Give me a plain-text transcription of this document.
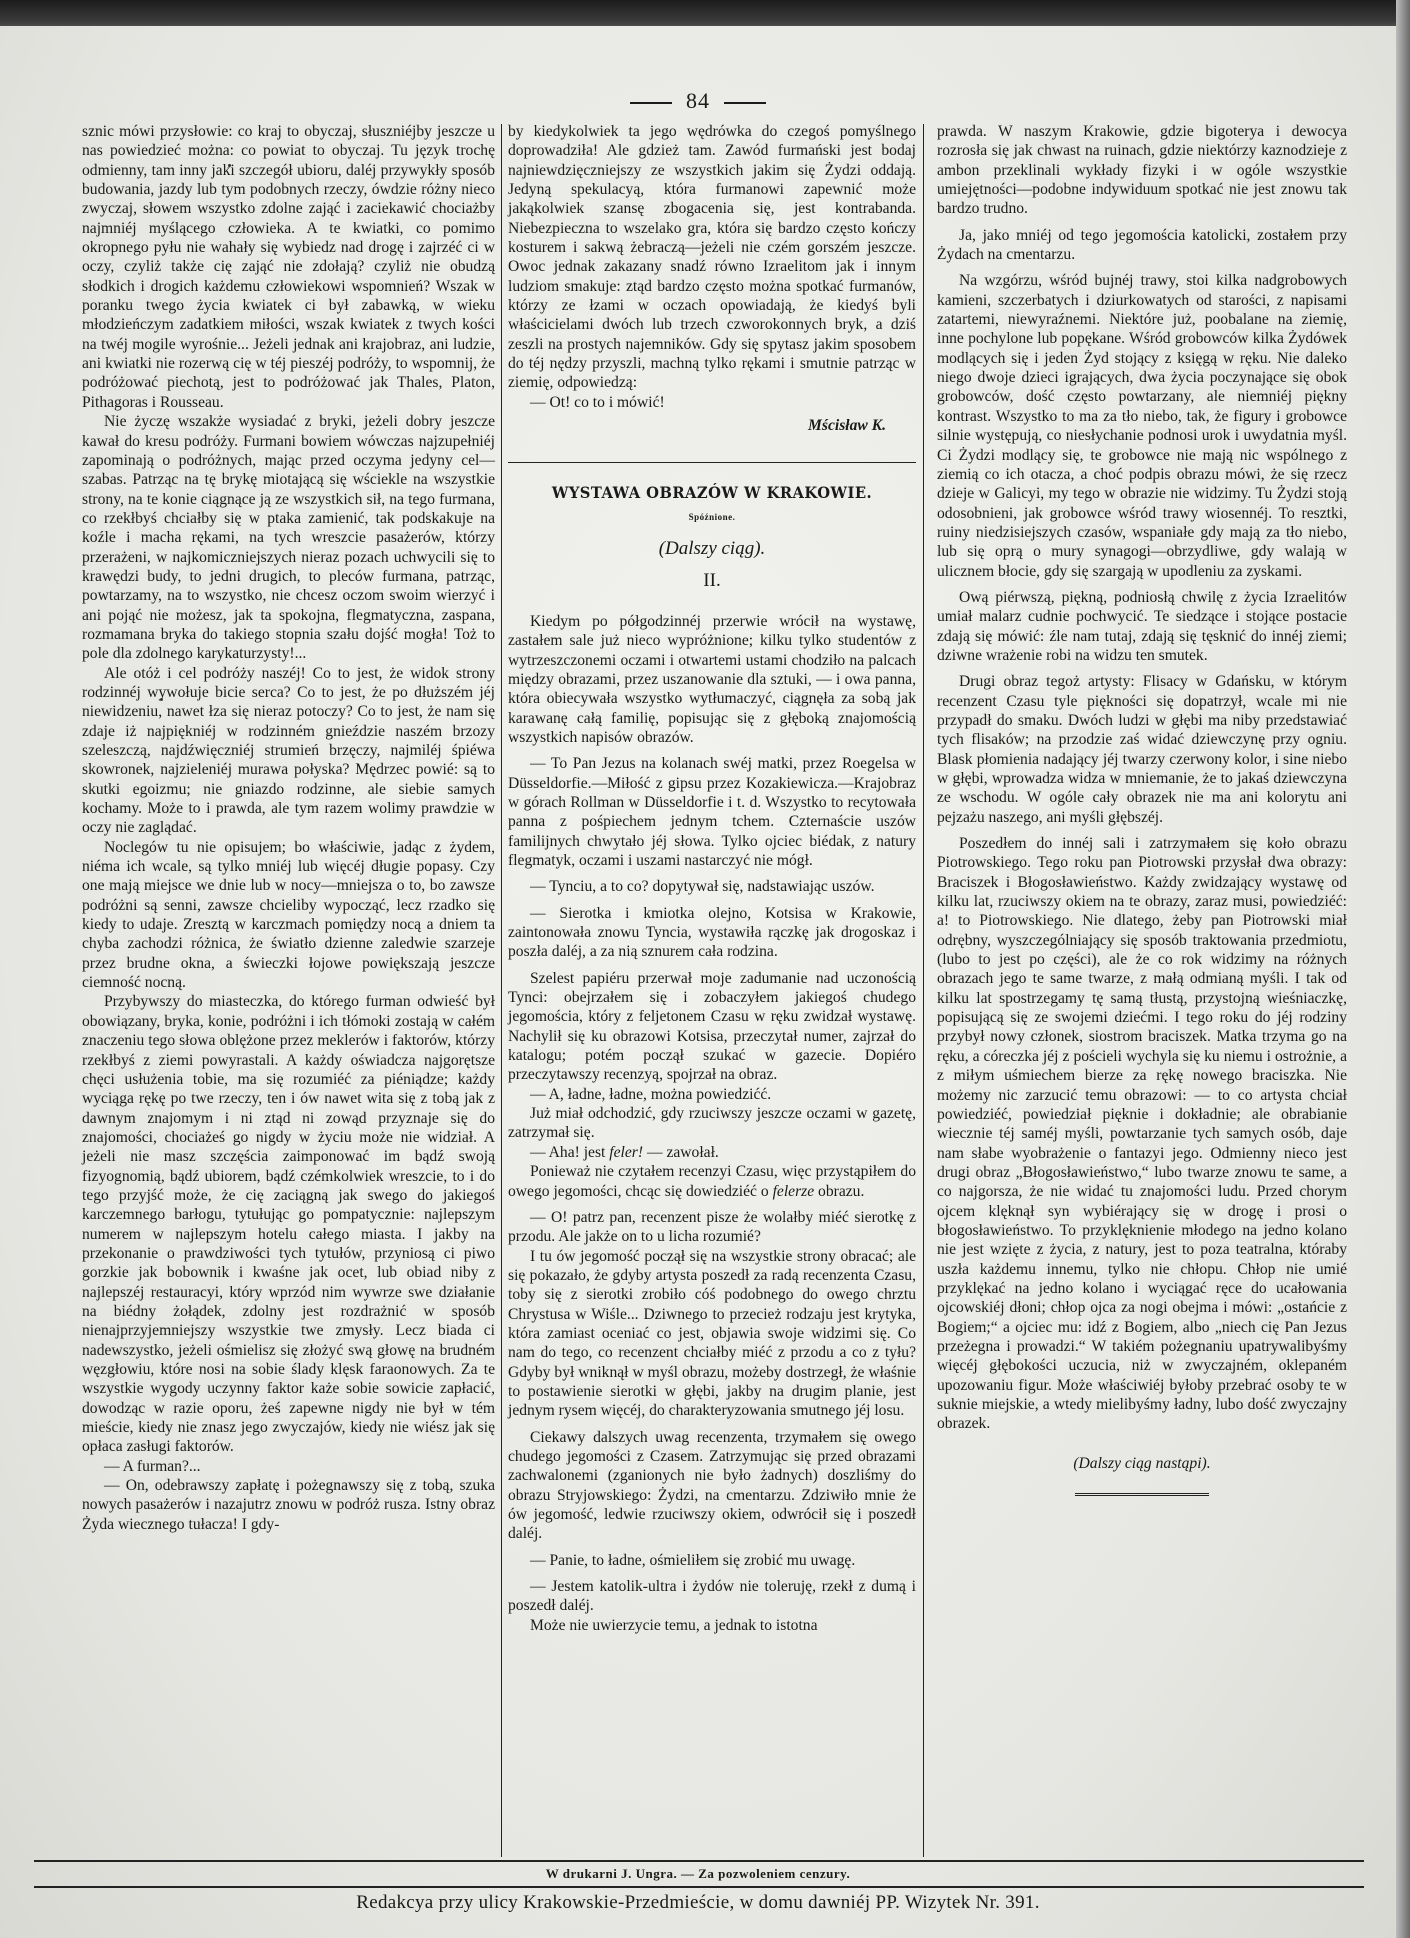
84

sznic mówi przysłowie: co kraj to obyczaj, słuszniéjby jeszcze u nas powiedzieć można: co powiat to obyczaj. Tu język trochę odmienny, tam inny jaki szczegół ubioru, daléj przywykły sposób budowania, jazdy lub tym podobnych rzeczy, ówdzie różny nieco zwyczaj, słowem wszystko zdolne zająć i zaciekawić chociażby najmniéj myślącego człowieka. A te kwiatki, co pomimo okropnego pyłu nie wahały się wybiedz nad drogę i zajrzéć ci w oczy, czyliż także cię zająć nie zdołają? czyliż nie obudzą słodkich i drogich każdemu człowiekowi wspomnień? Wszak w poranku twego życia kwiatek ci był zabawką, w wieku młodzieńczym zadatkiem miłości, wszak kwiatek z twych kości na twéj mogile wyrośnie... Jeżeli jednak ani krajobraz, ani ludzie, ani kwiatki nie rozerwą cię w téj pieszéj podróży, to wspomnij, że podróżować piechotą, jest to podróżować jak Thales, Platon, Pithagoras i Rousseau.

Nie życzę wszakże wysiadać z bryki, jeżeli dobry jeszcze kawał do kresu podróży. Furmani bowiem wówczas najzupełniéj zapominają o podróżnych, mając przed oczyma jedyny cel— szabas. Patrząc na tę brykę miotającą się wściekle na wszystkie strony, na te konie ciągnące ją ze wszystkich sił, na tego furmana, co rzekłbyś chciałby się w ptaka zamienić, tak podskakuje na koźle i macha rękami, na tych wreszcie pasażerów, którzy przerażeni, w najkomiczniejszych nieraz pozach uchwycili się to krawędzi budy, to jedni drugich, to pleców furmana, patrząc, powtarzamy, na to wszystko, nie chcesz oczom swoim wierzyć i ani pojąć nie możesz, jak ta spokojna, flegmatyczna, zaspana, rozmamana bryka do takiego stopnia szału dojść mogła! Toż to pole dla zdolnego karykaturzysty!...

Ale otóż i cel podróży naszéj! Co to jest, że widok strony rodzinnéj wywołuje bicie serca? Co to jest, że po dłuższém jéj niewidzeniu, nawet łza się nieraz potoczy? Co to jest, że nam się zdaje iż najpiękniéj w rodzinném gnieździe naszém brzozy szeleszczą, najdźwięczniéj strumień brzęczy, najmiléj śpiéwa skowronek, najzieleniéj murawa połyska? Mędrzec powié: są to skutki egoizmu; nie gniazdo rodzinne, ale siebie samych kochamy. Może to i prawda, ale tym razem wolimy prawdzie w oczy nie zaglądać.

Noclegów tu nie opisujem; bo właściwie, jadąc z żydem, niéma ich wcale, są tylko mniéj lub więcéj długie popasy. Czy one mają miejsce we dnie lub w nocy—mniejsza o to, bo zawsze podróżni są senni, zawsze chcieliby wypocząć, lecz rzadko się kiedy to udaje. Zresztą w karczmach pomiędzy nocą a dniem ta chyba zachodzi różnica, że światło dzienne zaledwie szarzeje przez brudne okna, a świeczki łojowe powiększają jeszcze ciemność nocną.

Przybywszy do miasteczka, do którego furman odwieść był obowiązany, bryka, konie, podróżni i ich tłómoki zostają w całém znaczeniu tego słowa oblężone przez meklerów i faktorów, którzy rzekłbyś z ziemi powyrastali. A każdy oświadcza najgorętsze chęci usłużenia tobie, ma się rozumiéć za piéniądze; każdy wyciąga rękę po twe rzeczy, ten i ów nawet wita się z tobą jak z dawnym znajomym i ni ztąd ni zowąd przyznaje się do znajomości, chociażeś go nigdy w życiu może nie widział. A jeżeli nie masz szczęścia zaimponować im bądź swoją fizyognomią, bądź ubiorem, bądź czémkolwiek wreszcie, to i do tego przyjść może, że cię zaciągną jak swego do jakiegoś karczemnego barłogu, tytułując go pompatycznie: najlepszym numerem w najlepszym hotelu całego miasta. I jakby na przekonanie o prawdziwości tych tytułów, przyniosą ci piwo gorzkie jak bobownik i kwaśne jak ocet, lub obiad niby z najlepszéj restauracyi, który wprzód nim wywrze swe działanie na biédny żołądek, zdolny jest rozdrażnić w sposób nienajprzyjemniejszy wszystkie twe zmysły. Lecz biada ci nadewszystko, jeżeli ośmielisz się złożyć swą głowę na brudném węzgłowiu, które nosi na sobie ślady klęsk faraonowych. Za te wszystkie wygody uczynny faktor każe sobie sowicie zapłacić, dowodząc w razie oporu, żeś zapewne nigdy nie był w tém mieście, kiedy nie znasz jego zwyczajów, kiedy nie wiész jak się opłaca zasługi faktorów.

— A furman?...

— On, odebrawszy zapłatę i pożegnawszy się z tobą, szuka nowych pasażerów i nazajutrz znowu w podróż rusza. Istny obraz Żyda wiecznego tułacza! I gdy-

by kiedykolwiek ta jego wędrówka do czegoś pomyślnego doprowadziła! Ale gdzież tam. Zawód furmański jest bodaj najniewdzięczniejszy ze wszystkich jakim się Żydzi oddają. Jedyną spekulacyą, która furmanowi zapewnić może jakąkolwiek szansę zbogacenia się, jest kontrabanda. Niebezpieczna to wszelako gra, która się bardzo często kończy kosturem i sakwą żebraczą—jeżeli nie czém gorszém jeszcze. Owoc jednak zakazany snadź równo Izraelitom jak i innym ludziom smakuje: ztąd bardzo często można spotkać furmanów, którzy ze łzami w oczach opowiadają, że kiedyś byli właścicielami dwóch lub trzech czworokonnych bryk, a dziś zeszli na prostych najemników. Gdy się spytasz jakim sposobem do téj nędzy przyszli, machną tylko rękami i smutnie patrząc w ziemię, odpowiedzą:

— Ot! co to i mówić!

Mścisław K.
WYSTAWA OBRAZÓW W KRAKOWIE.
Spóźnione.
(Dalszy ciąg).
II.

Kiedym po półgodzinnéj przerwie wrócił na wystawę, zastałem sale już nieco wypróżnione; kilku tylko studentów z wytrzeszczonemi oczami i otwartemi ustami chodziło na palcach między obrazami, przez uszanowanie dla sztuki, — i owa panna, która obiecywała wszystko wytłumaczyć, ciągnęła za sobą jak karawanę całą familię, popisując się z głęboką znajomością wszystkich napisów obrazów.

— To Pan Jezus na kolanach swéj matki, przez Roegelsa w Düsseldorfie.—Miłość z gipsu przez Kozakiewicza.—Krajobraz w górach Rollman w Düsseldorfie i t. d. Wszystko to recytowała panna z pośpiechem jednym tchem. Czternaście uszów familijnych chwytało jéj słowa. Tylko ojciec biédak, z natury flegmatyk, oczami i uszami nastarczyć nie mógł.

— Tynciu, a to co? dopytywał się, nadstawiając uszów.

— Sierotka i kmiotka olejno, Kotsisa w Krakowie, zaintonowała znowu Tyncia, wystawiła rączkę jak drogoskaz i poszła daléj, a za nią sznurem cała rodzina.

Szelest papiéru przerwał moje zadumanie nad uczonością Tynci: obejrzałem się i zobaczyłem jakiegoś chudego jegomościa, który z feljetonem Czasu w ręku zwidzał wystawę. Nachylił się ku obrazowi Kotsisa, przeczytał numer, zajrzał do katalogu; potém począł szukać w gazecie. Dopiéro przeczytawszy recenzyą, spojrzał na obraz.

— A, ładne, ładne, można powiedzićć.

Już miał odchodzić, gdy rzuciwszy jeszcze oczami w gazetę, zatrzymał się.

— Aha! jest feler! — zawołał.

Ponieważ nie czytałem recenzyi Czasu, więc przystąpiłem do owego jegomości, chcąc się dowiedziéć o felerze obrazu.

— O! patrz pan, recenzent pisze że wolałby miéć sierotkę z przodu. Ale jakże on to u licha rozumié?

I tu ów jegomość począł się na wszystkie strony obracać; ale się pokazało, że gdyby artysta poszedł za radą recenzenta Czasu, toby się z sierotki zrobiło cóś podobnego do owego chrztu Chrystusa w Wiśle... Dziwnego to przecież rodzaju jest krytyka, która zamiast oceniać co jest, objawia swoje widzimi się. Co nam do tego, co recenzent chciałby miéć z przodu a co z tyłu? Gdyby był wniknął w myśl obrazu, możeby dostrzegł, że właśnie to postawienie sierotki w głębi, jakby na drugim planie, jest jednym rysem więcéj, do charakteryzowania smutnego jéj losu.

Ciekawy dalszych uwag recenzenta, trzymałem się owego chudego jegomości z Czasem. Zatrzymując się przed obrazami zachwalonemi (zganionych nie było żadnych) doszliśmy do obrazu Stryjowskiego: Żydzi, na cmentarzu. Zdziwiło mnie że ów jegomość, ledwie rzuciwszy okiem, odwrócił się i poszedł daléj.

— Panie, to ładne, ośmieliłem się zrobić mu uwagę.

— Jestem katolik-ultra i żydów nie toleruję, rzekł z dumą i poszedł daléj.

Może nie uwierzycie temu, a jednak to istotna

prawda. W naszym Krakowie, gdzie bigoterya i dewocya rozrosła się jak chwast na ruinach, gdzie niektórzy kaznodzieje z ambon przeklinali wykłady fizyki i w ogóle wszystkie umiejętności—podobne indywiduum spotkać nie jest znowu tak bardzo trudno.

Ja, jako mniéj od tego jegomościa katolicki, zostałem przy Żydach na cmentarzu.

Na wzgórzu, wśród bujnéj trawy, stoi kilka nadgrobowych kamieni, szczerbatych i dziurkowatych od starości, z napisami zatartemi, niewyraźnemi. Niektóre już, poobalane na ziemię, inne pochylone lub popękane. Wśród grobowców kilka Żydówek modlących się i jeden Żyd stojący z księgą w ręku. Nie daleko niego dwoje dzieci igrających, dwa życia poczynające się obok grobowców, dość często powtarzany, ale niemniéj piękny kontrast. Wszystko to ma za tło niebo, tak, że figury i grobowce silnie występują, co niesłychanie podnosi urok i uwydatnia myśl. Ci Żydzi modlący się, te grobowce nie mają nic wspólnego z ziemią co ich otacza, a choć podpis obrazu mówi, że się rzecz dzieje w Galicyi, my tego w obrazie nie widzimy. Tu Żydzi stoją odosobnieni, jak grobowce wśród trawy wiosennéj. To resztki, ruiny niedzisiejszych czasów, wspaniałe gdy mają za tło niebo, lub się oprą o mury synagogi—obrzydliwe, gdy walają w ulicznem błocie, gdy się szargają w upodleniu za zyskami.

Ową piérwszą, piękną, podniosłą chwilę z życia Izraelitów umiał malarz cudnie pochwycić. Te siedzące i stojące postacie zdają się mówić: źle nam tutaj, zdają się tęsknić do innéj ziemi; dziwne wrażenie robi na widzu ten smutek.

Drugi obraz tegoż artysty: Flisacy w Gdańsku, w którym recenzent Czasu tyle piękności się dopatrzył, wcale mi nie przypadł do smaku. Dwóch ludzi w głębi ma niby przedstawiać tych flisaków; na przodzie zaś widać dziewczynę przy ogniu. Blask płomienia nadający jéj twarzy czerwony kolor, i sine niebo w głębi, wprowadza widza w mniemanie, że to jakaś dziewczyna ze wschodu. W ogóle cały obrazek nie ma ani kolorytu ani pejzażu naszego, ani myśli głębszéj.

Poszedłem do innéj sali i zatrzymałem się koło obrazu Piotrowskiego. Tego roku pan Piotrowski przysłał dwa obrazy: Braciszek i Błogosławieństwo. Każdy zwidzający wystawę od kilku lat, rzuciwszy okiem na te obrazy, zaraz musi, powiedziéć: a! to Piotrowskiego. Nie dlatego, żeby pan Piotrowski miał odrębny, wyszczególniający się sposób traktowania przedmiotu, (lubo to jest po części), ale że co rok widzimy na różnych obrazach jego te same twarze, z małą odmianą myśli. I tak od kilku lat spostrzegamy tę samą tłustą, przystojną wieśniaczkę, popisującą się ze swojemi dziećmi. I tego roku do jéj rodziny przybył nowy członek, siostrom braciszek. Matka trzyma go na ręku, a córeczka jéj z pościeli wychyla się ku niemu i ostrożnie, a z miłym uśmiechem bierze za rękę nowego braciszka. Nie możemy nic zarzucić temu obrazowi: — to co artysta chciał powiedziéć, powiedział pięknie i dokładnie; ale obrabianie wiecznie téj saméj myśli, powtarzanie tych samych osób, daje nam słabe wyobrażenie o fantazyi jego. Odmienny nieco jest drugi obraz „Błogosławieństwo,“ lubo twarze znowu te same, a co najgorsza, że nie widać tu znajomości ludu. Przed chorym ojcem klęknął syn wybiérający się w drogę i prosi o błogosławieństwo. To przyklęknienie młodego na jedno kolano nie jest wzięte z życia, z natury, jest to poza teatralna, któraby uszła każdemu innemu, tylko nie chłopu. Chłop nie umié przyklękać na jedno kolano i wyciągać ręce do ucałowania ojcowskiéj dłoni; chłop ojca za nogi obejma i mówi: „ostańcie z Bogiem;“ a ojciec mu: idź z Bogiem, albo „niech cię Pan Jezus przeżegna i prowadzi.“ W takiém pożegnaniu upatrywalibyśmy więcéj głębokości uczucia, niż w zwyczajném, oklepaném upozowaniu figur. Może właściwiéj byłoby przebrać osoby te w suknie miejskie, a wtedy mielibyśmy ładny, lubo dość zwyczajny obrazek.

(Dalszy ciąg nastąpi).
W drukarni J. Ungra. — Za pozwoleniem cenzury.
Redakcya przy ulicy Krakowskie-Przedmieście, w domu dawniéj PP. Wizytek Nr. 391.
